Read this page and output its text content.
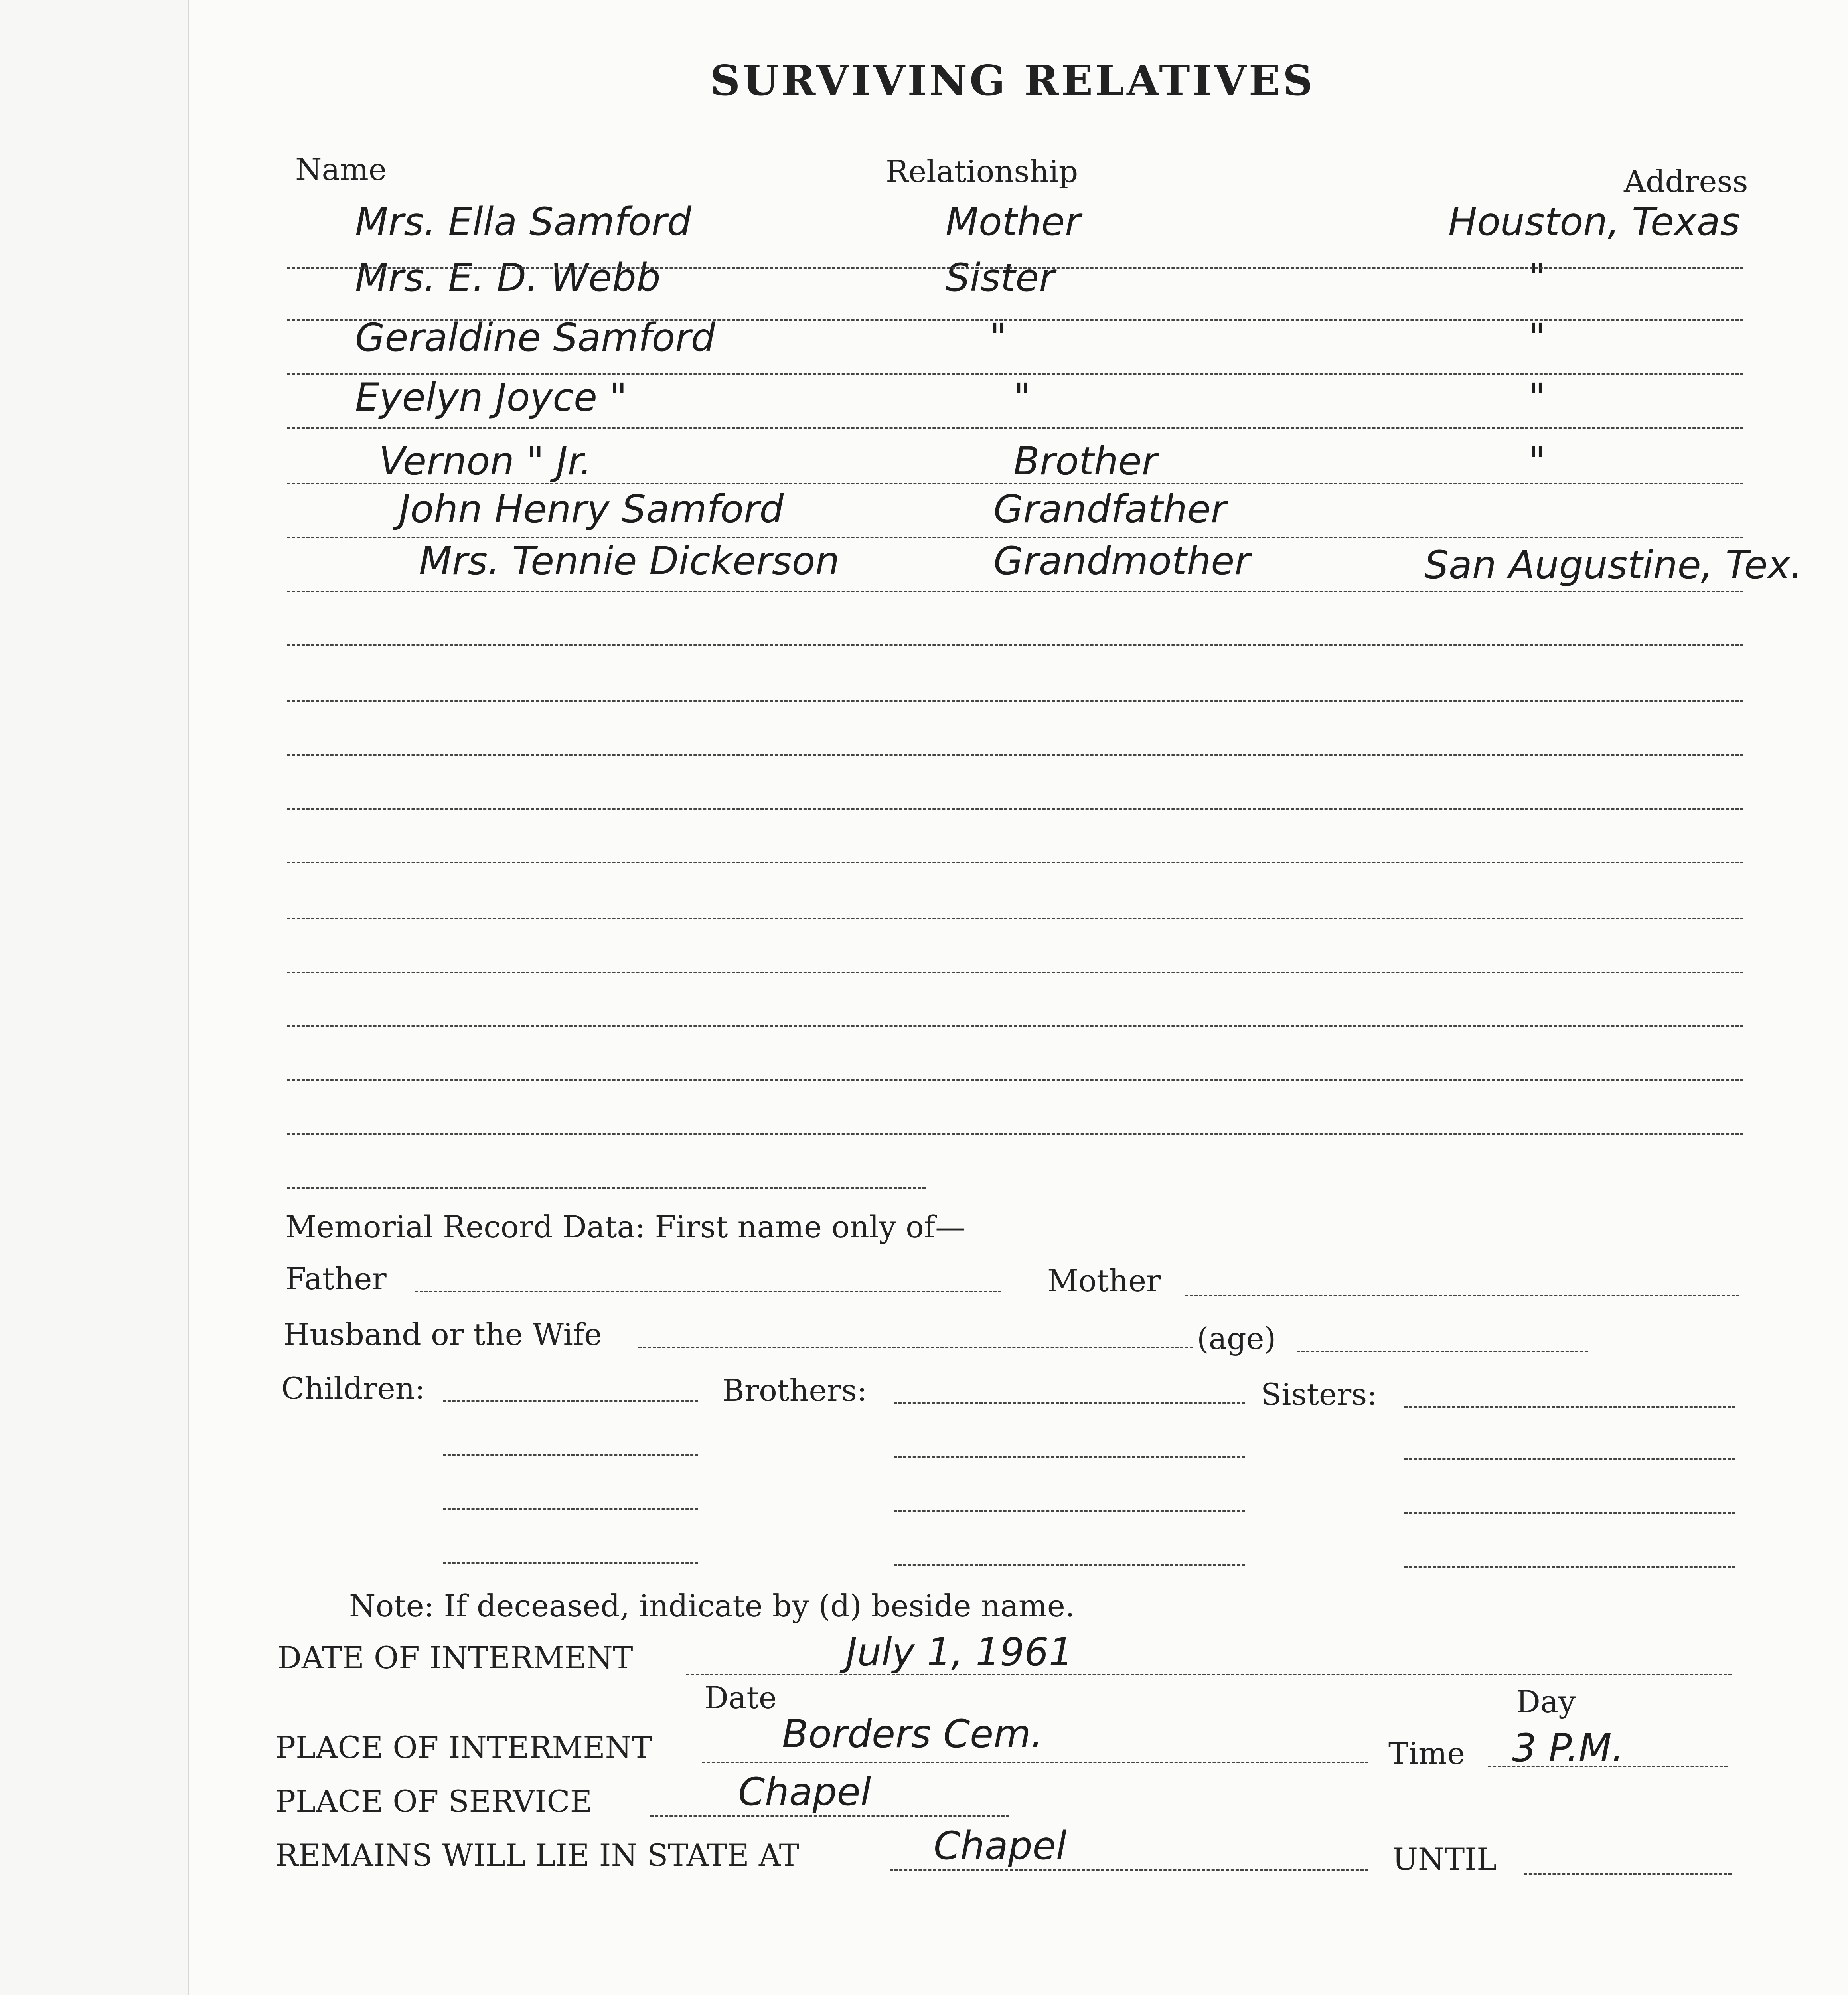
SURVIVING RELATIVES
Name	Relationship	Address
Mrs. Ella Samford	Mother	Houston, Texas
Mrs. E. D. Webb	Sister	"
Geraldine Samford	"	"
Eyelyn Joyce "	"	"
Vernon " Jr.	Brother	"
John Henry Samford	Grandfather
Mrs. Tennie Dickerson	Grandmother	San Augustine, Tex.
Memorial Record Data: First name only of—
Father	Mother
Husband or the Wife	(age)
Children:	Brothers:	Sisters:
Note: If deceased, indicate by (d) beside name.
DATE OF INTERMENT	July 1, 1961
Date	Day
PLACE OF INTERMENT	Borders Cem.	Time 3 P.M.
PLACE OF SERVICE	Chapel
REMAINS WILL LIE IN STATE AT	Chapel	UNTIL
